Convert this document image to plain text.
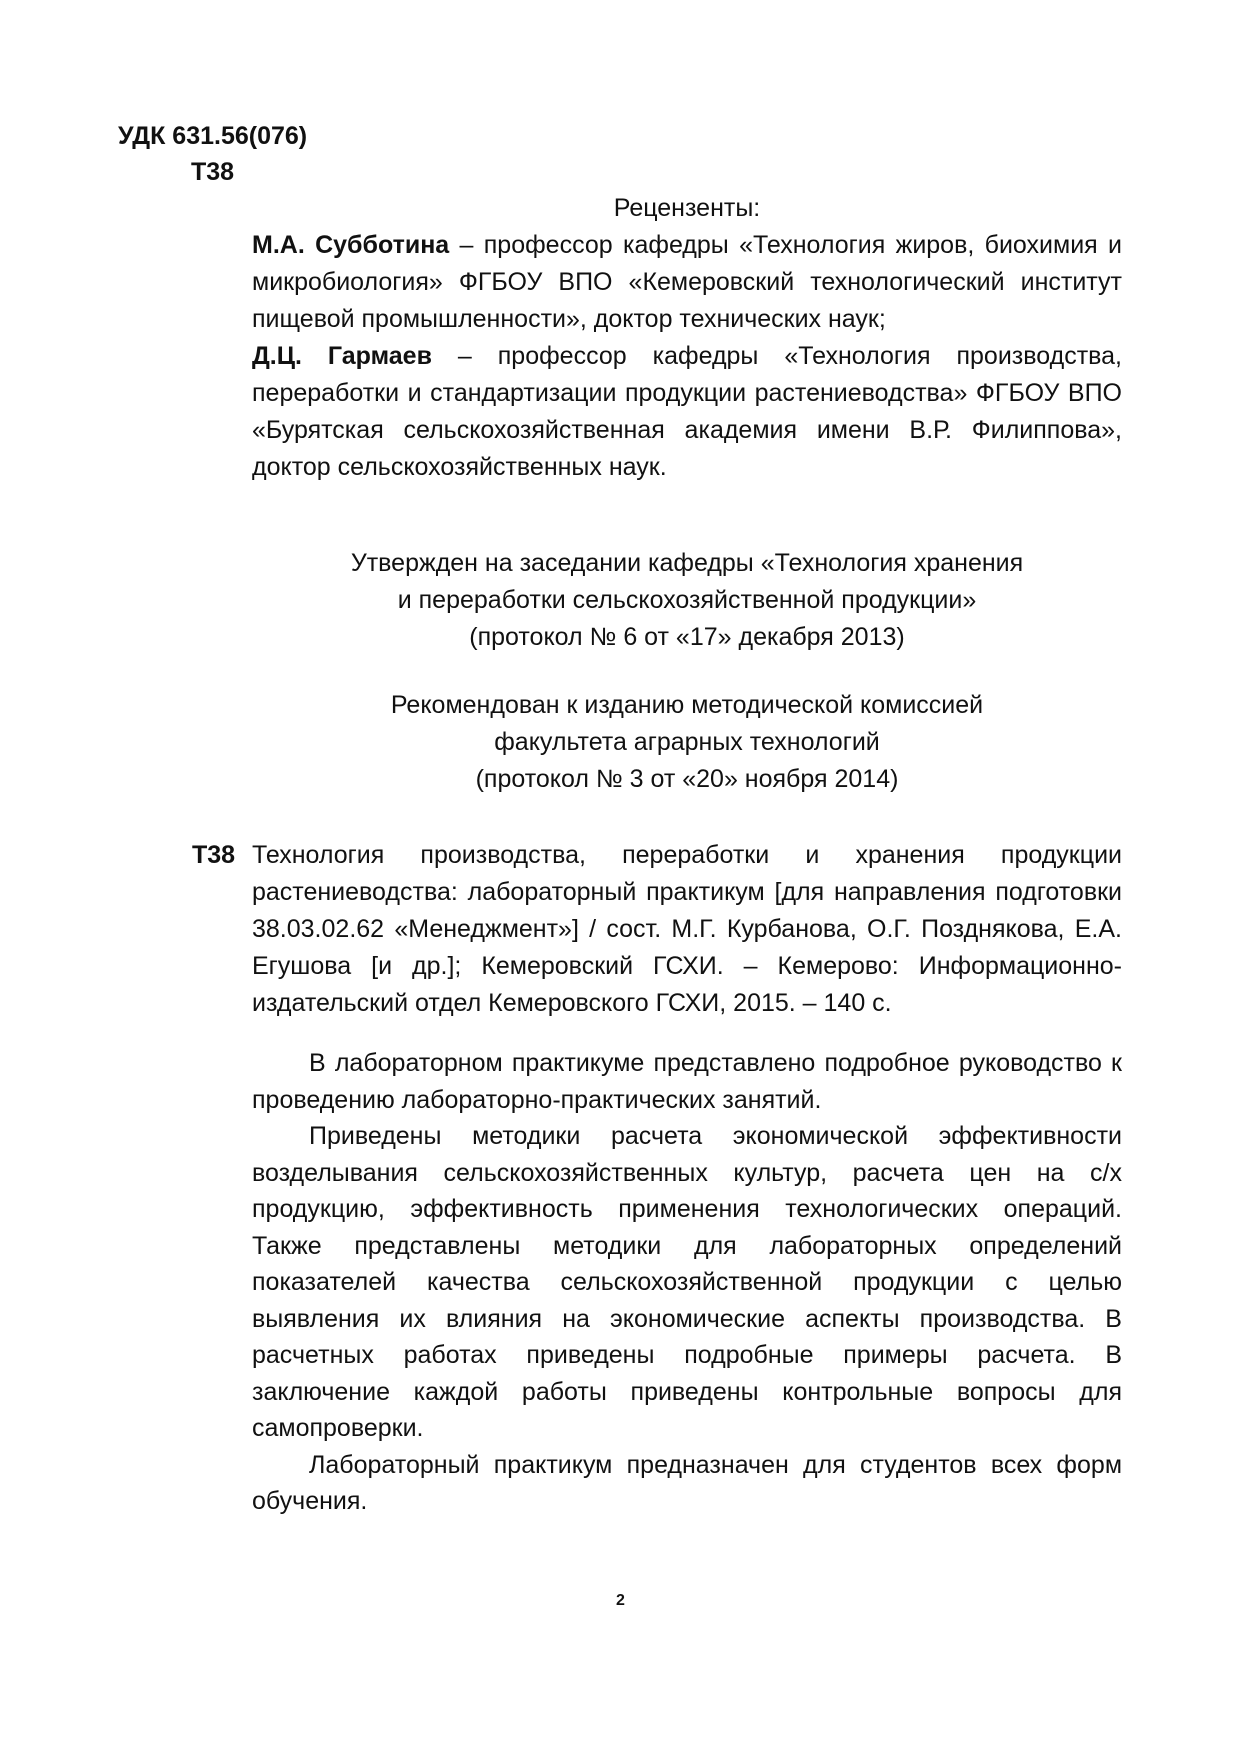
УДК 631.56(076)
Т38
Рецензенты:

М.А. Субботина – профессор кафедры «Технология жиров, биохимия и микробиология» ФГБОУ ВПО «Кемеровский технологический институт пищевой промышленности», доктор технических наук;

Д.Ц. Гармаев – профессор кафедры «Технология производства, переработки и стандартизации продукции растениеводства» ФГБОУ ВПО «Бурятская сельскохозяйственная академия имени В.Р. Филиппова», доктор сельскохозяйственных наук.

Утвержден на заседании кафедры «Технология хранения
и переработки сельскохозяйственной продукции»
(протокол № 6 от «17» декабря 2013)
Рекомендован к изданию методической комиссией
факультета аграрных технологий
(протокол № 3 от «20» ноября 2014)
Т38 Технология производства, переработки и хранения продукции растениеводства: лабораторный практикум [для направления подготовки 38.03.02.62 «Менеджмент»] / сост. М.Г. Курбанова, О.Г. Позднякова, Е.А. Егушова [и др.]; Кемеровский ГСХИ. – Кемерово: Информационно-издательский отдел Кемеровского ГСХИ, 2015. – 140 с.

В лабораторном практикуме представлено подробное руководство к проведению лабораторно-практических занятий.

Приведены методики расчета экономической эффективности возделывания сельскохозяйственных культур, расчета цен на с/х продукцию, эффективность применения технологических операций. Также представлены методики для лабораторных определений показателей качества сельскохозяйственной продукции с целью выявления их влияния на экономические аспекты производства. В расчетных работах приведены подробные примеры расчета. В заключение каждой работы приведены контрольные вопросы для самопроверки.

Лабораторный практикум предназначен для студентов всех форм обучения.

2
